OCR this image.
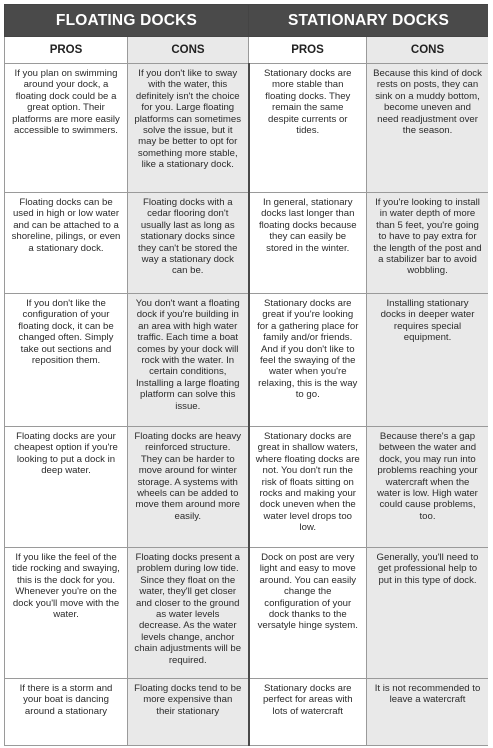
FLOATING DOCKS		STATIONARY DOCKS	
PROS	CONS	PROS	CONS
If you plan on swimming around your dock, a floating dock could be a great option. Their platforms are more easily accessible to swimmers.	If you don't like to sway with the water, this definitely isn't the choice for you. Large floating platforms can sometimes solve the issue, but it may be better to opt for something more stable, like a stationary dock.	Stationary docks are more stable than floating docks. They remain the same despite currents or tides.	Because this kind of dock rests on posts, they can sink on a muddy bottom, become uneven and need readjustment over the season.
Floating docks can be used in high or low water and can be attached to a shoreline, pilings, or even a stationary dock.	Floating docks with a cedar flooring don't usually last as long as stationary docks since they can't be stored the way a stationary dock can be.	In general, stationary docks last longer than floating docks because they can easily be stored in the winter.	If you're looking to install in water depth of more than 5 feet, you're going to have to pay extra for the length of the post and a stabilizer bar to avoid wobbling.
If you don't like the configuration of your floating dock, it can be changed often. Simply take out sections and reposition them.	You don't want a floating dock if you're building in an area with high water traffic. Each time a boat comes by your dock will rock with the water. In certain conditions, Installing a large floating platform can solve this issue.	Stationary docks are great if you're looking for a gathering place for family and/or friends. And if you don't like to feel the swaying of the water when you're relaxing, this is the way to go.	Installing stationary docks in deeper water requires special equipment.
Floating docks are your cheapest option if you're looking to put a dock in deep water.	Floating docks are heavy reinforced structure. They can be harder to move around for winter storage. A systems with wheels can be added to move them around more easily.	Stationary docks are great in shallow waters, where floating docks are not. You don't run the risk of floats sitting on rocks and making your dock uneven when the water level drops too low.	Because there's a gap between the water and dock, you may run into problems reaching your watercraft when the water is low. High water could cause problems, too.
If you like the feel of the tide rocking and swaying, this is the dock for you. Whenever you're on the dock you'll move with the water.	Floating docks present a problem during low tide. Since they float on the water, they'll get closer and closer to the ground as water levels decrease. As the water levels change, anchor chain adjustments will be required.	Dock on post are very light and easy to move around. You can easily change the configuration of your dock thanks to the versatyle hinge system.	Generally, you'll need to get professional help to put in this type of dock.
If there is a storm and your boat is dancing around a stationary	Floating docks tend to be more expensive than their stationary	Stationary docks are perfect for areas with lots of watercraft	It is not recommended to leave a watercraft
